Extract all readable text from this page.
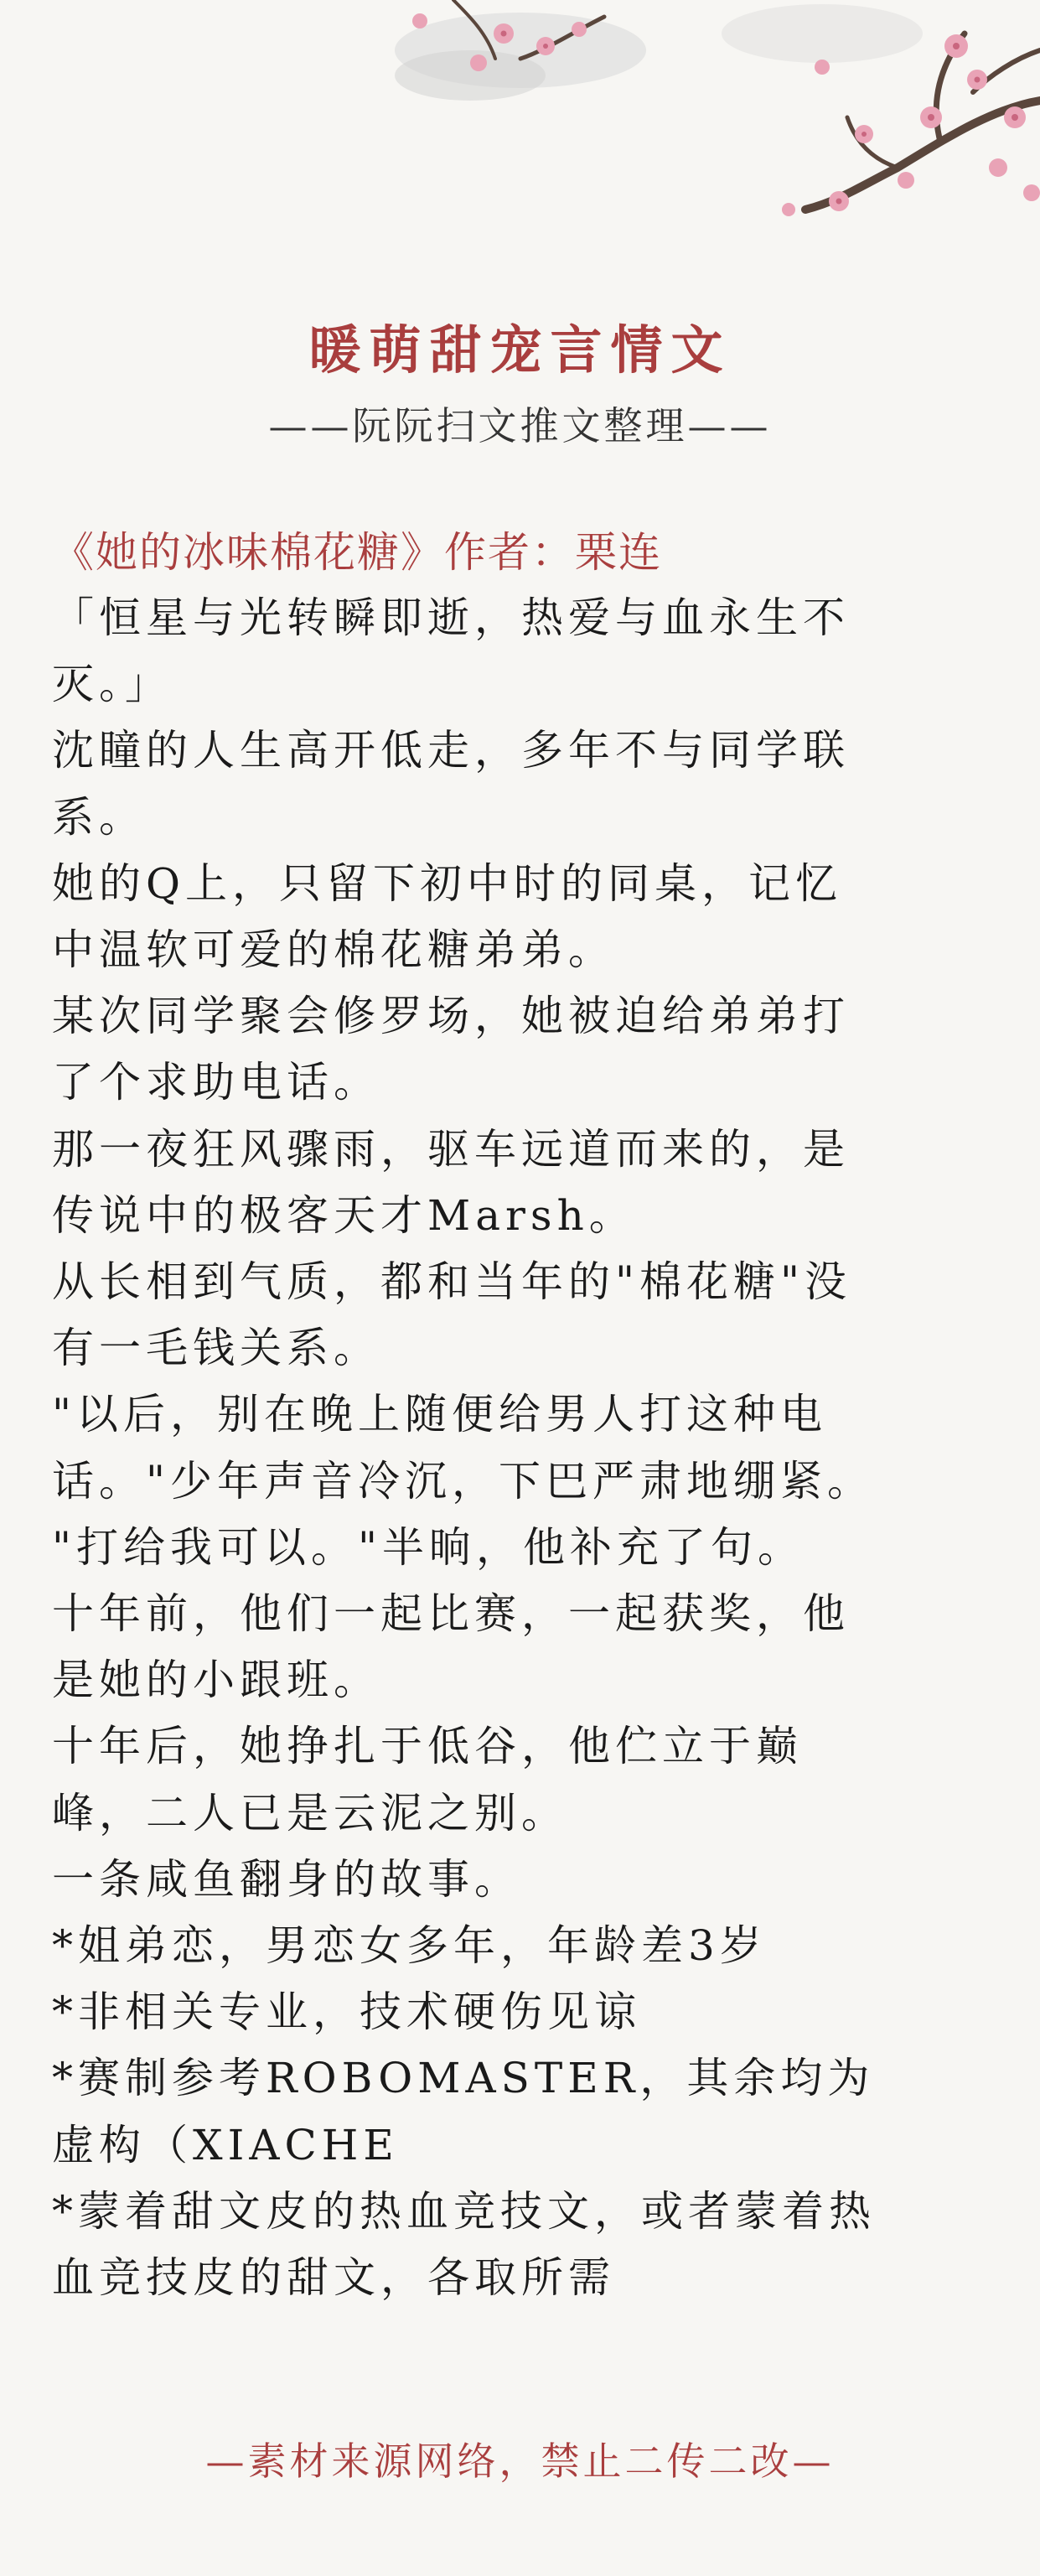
暖萌甜宠言情文
——阮阮扫文推文整理——
《她的冰味棉花糖》作者：栗连
「恒星与光转瞬即逝，热爱与血永生不
灭。」
沈瞳的人生高开低走，多年不与同学联
系。
她的Q上，只留下初中时的同桌，记忆
中温软可爱的棉花糖弟弟。
某次同学聚会修罗场，她被迫给弟弟打
了个求助电话。
那一夜狂风骤雨，驱车远道而来的，是
传说中的极客天才Marsh。
从长相到气质，都和当年的"棉花糖"没
有一毛钱关系。
"以后，别在晚上随便给男人打这种电
话。"少年声音冷沉，下巴严肃地绷紧。
"打给我可以。"半晌，他补充了句。
十年前，他们一起比赛，一起获奖，他
是她的小跟班。
十年后，她挣扎于低谷，他伫立于巅
峰，二人已是云泥之别。
一条咸鱼翻身的故事。
*姐弟恋，男恋女多年，年龄差3岁
*非相关专业，技术硬伤见谅
*赛制参考ROBOMASTER，其余均为
虚构（XIACHE
*蒙着甜文皮的热血竞技文，或者蒙着热
血竞技皮的甜文，各取所需
—素材来源网络，禁止二传二改—
